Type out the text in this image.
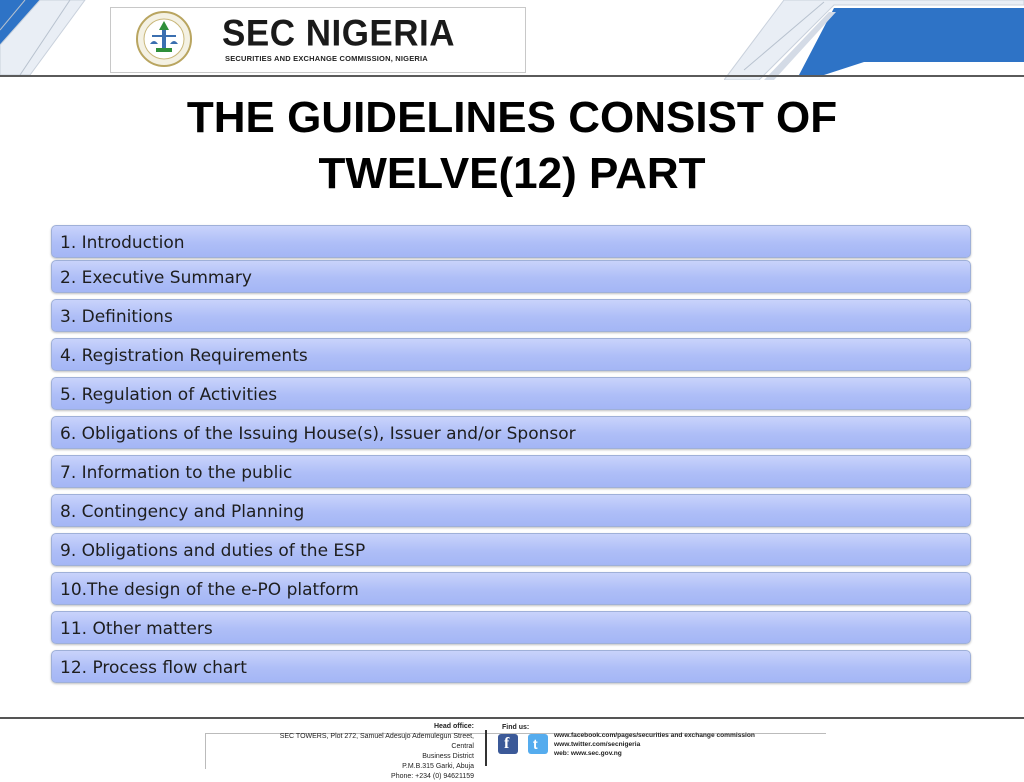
SEC NIGERIA
SECURITIES AND EXCHANGE COMMISSION, NIGERIA
THE GUIDELINES CONSIST OF
TWELVE(12) PART
1. Introduction
2. Executive Summary
3. Definitions
4. Registration Requirements
5. Regulation of Activities
6. Obligations of the Issuing House(s), Issuer and/or Sponsor
7. Information to the public
8. Contingency and Planning
9. Obligations and duties of the ESP
10.The design of the e-PO platform
11. Other matters
12. Process flow chart
Head office:
SEC TOWERS, Plot 272, Samuel Adesujo Ademulegun Street, Central
Business District
P.M.B.315 Garki, Abuja
Phone: +234 (0) 94621159
Find us:
f t
www.facebook.com/pages/securities and exchange commission
www.twitter.com/secnigeria
web: www.sec.gov.ng
